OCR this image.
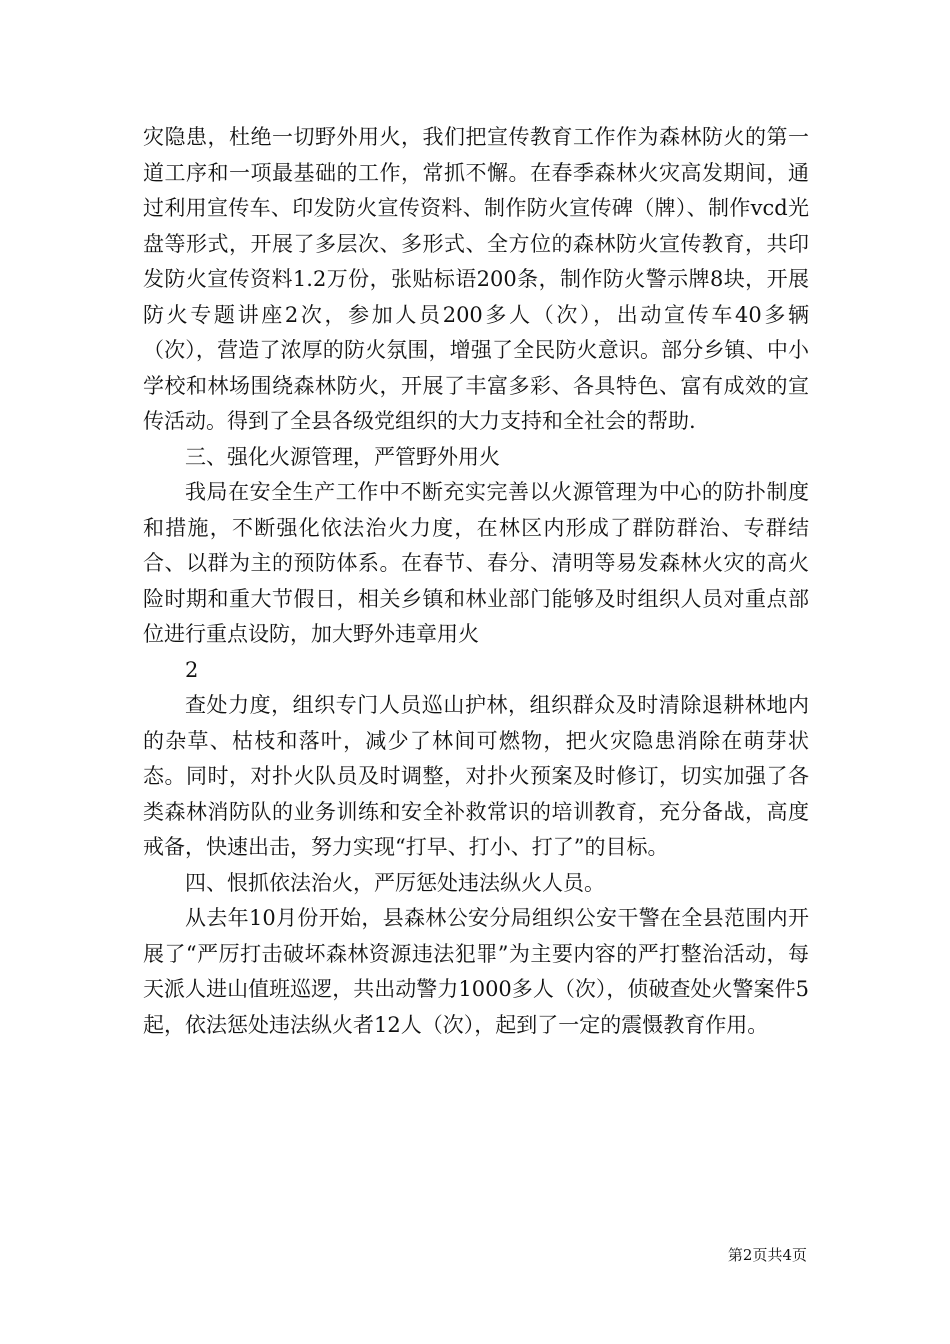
灾隐患，杜绝一切野外用火，我们把宣传教育工作作为森林防火的第一道工序和一项最基础的工作，常抓不懈。在春季森林火灾高发期间，通过利用宣传车、印发防火宣传资料、制作防火宣传碑（牌）、制作vcd光盘等形式，开展了多层次、多形式、全方位的森林防火宣传教育，共印发防火宣传资料1.2万份，张贴标语200条，制作防火警示牌8块，开展防火专题讲座2次，参加人员200多人（次），出动宣传车40多辆（次），营造了浓厚的防火氛围，增强了全民防火意识。部分乡镇、中小学校和林场围绕森林防火，开展了丰富多彩、各具特色、富有成效的宣传活动。得到了全县各级党组织的大力支持和全社会的帮助.

三、强化火源管理，严管野外用火

我局在安全生产工作中不断充实完善以火源管理为中心的防扑制度和措施，不断强化依法治火力度，在林区内形成了群防群治、专群结合、以群为主的预防体系。在春节、春分、清明等易发森林火灾的高火险时期和重大节假日，相关乡镇和林业部门能够及时组织人员对重点部位进行重点设防，加大野外违章用火

2

查处力度，组织专门人员巡山护林，组织群众及时清除退耕林地内的杂草、枯枝和落叶，减少了林间可燃物，把火灾隐患消除在萌芽状态。同时，对扑火队员及时调整，对扑火预案及时修订，切实加强了各类森林消防队的业务训练和安全补救常识的培训教育，充分备战，高度戒备，快速出击，努力实现“打早、打小、打了”的目标。

四、恨抓依法治火，严厉惩处违法纵火人员。

从去年10月份开始，县森林公安分局组织公安干警在全县范围内开展了“严厉打击破坏森林资源违法犯罪”为主要内容的严打整治活动，每天派人进山值班巡逻，共出动警力1000多人（次），侦破查处火警案件5起，依法惩处违法纵火者12人（次），起到了一定的震慑教育作用。

第2页共4页
